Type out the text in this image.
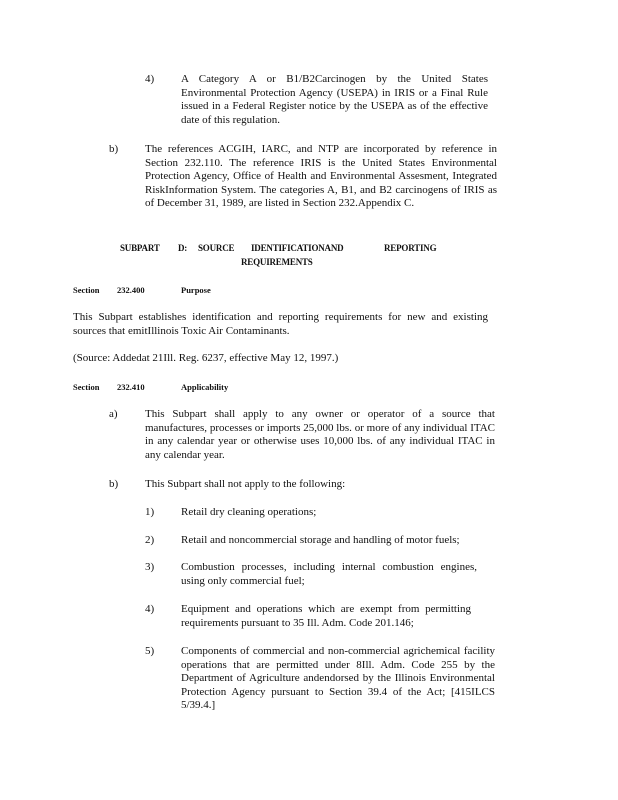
4) A Category A or B1/B2Carcinogen by the United States Environmental Protection Agency (USEPA) in IRIS or a Final Rule issued in a Federal Register notice by the USEPA as of the effective date of this regulation.
b) The references ACGIH, IARC, and NTP are incorporated by reference in Section 232.110. The reference IRIS is the United States Environmental Protection Agency, Office of Health and Environmental Assesment, Integrated RiskInformation System. The categories A, B1, and B2 carcinogens of IRIS as of December 31, 1989, are listed in Section 232.Appendix C.
SUBPART D: SOURCE IDENTIFICATIONAND	REPORTING
REQUIREMENTS
Section 232.400	Purpose
This Subpart establishes identification and reporting requirements for new and existing sources that emitIllinois Toxic Air Contaminants.
(Source: Addedat 21Ill. Reg. 6237, effective May 12, 1997.)
Section 232.410	Applicability
a) This Subpart shall apply to any owner or operator of a source that manufactures, processes or imports 25,000 lbs. or more of any individual ITAC in any calendar year or otherwise uses 10,000 lbs. of any individual ITAC in any calendar year.
b) This Subpart shall not apply to the following:
1) Retail dry cleaning operations;
2) Retail and noncommercial storage and handling of motor fuels;
3) Combustion processes, including internal combustion engines, using only commercial fuel;
4) Equipment and operations which are exempt from permitting requirements pursuant to 35 Ill. Adm. Code 201.146;
5) Components of commercial and non-commercial agrichemical facility operations that are permitted under 8Ill. Adm. Code 255 by the Department of Agriculture andendorsed by the Illinois Environmental Protection Agency pursuant to Section 39.4 of the Act; [415ILCS 5/39.4.]
